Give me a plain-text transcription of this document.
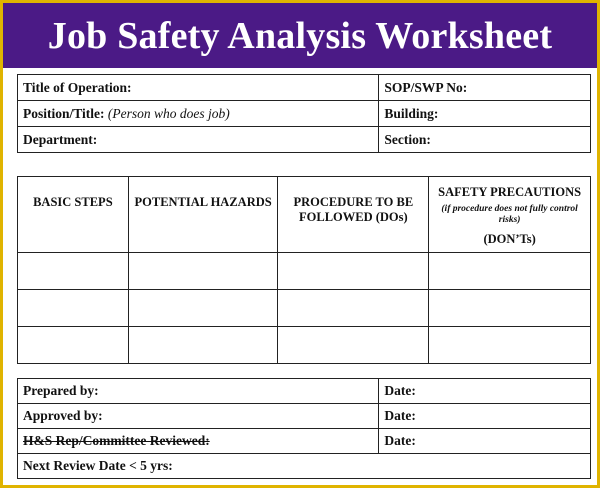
Job Safety Analysis Worksheet
Title of Operation:	SOP/SWP No:
Position/Title: (Person who does job)	Building:
Department:	Section:
BASIC STEPS	POTENTIAL HAZARDS	PROCEDURE TO BE FOLLOWED (DOs)	SAFETY PRECAUTIONS
(if procedure does not fully control risks)
(DON’Ts)

Prepared by:	Date:
Approved by:	Date:
H&S Rep/Committee Reviewed:	Date:
Next Review Date < 5 yrs:	
